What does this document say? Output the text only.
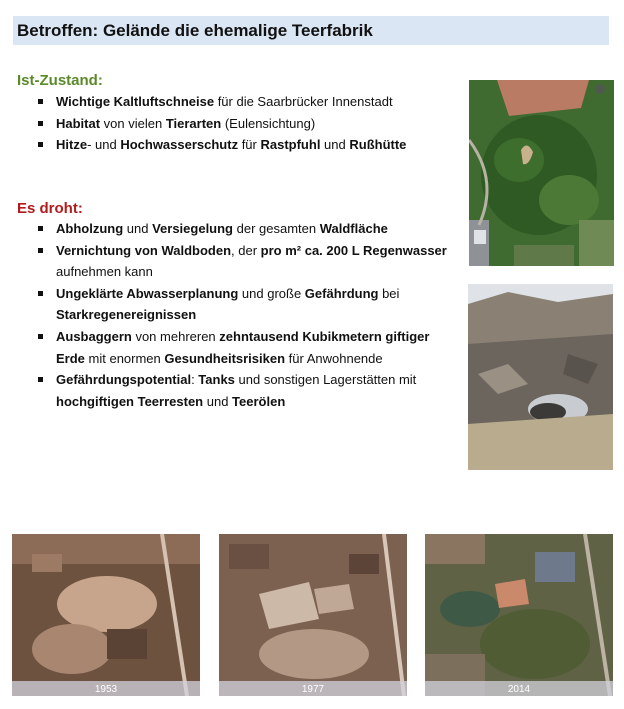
Betroffen: Gelände die ehemalige Teerfabrik
Ist-Zustand:
Wichtige Kaltluftschneise für die Saarbrücker Innenstadt
Habitat von vielen Tierarten (Eulensichtung)
Hitze- und Hochwasserschutz für Rastpfuhl und Rußhütte
Es droht:
Abholzung und Versiegelung der gesamten Waldfläche
Vernichtung von Waldboden, der pro m² ca. 200 L Regenwasser aufnehmen kann
Ungeklärte Abwasserplanung und große Gefährdung bei Starkregenereignissen
Ausbaggern von mehreren zehntausend Kubikmetern giftiger Erde mit enormen Gesundheitsrisiken für Anwohnende
Gefährdungspotential: Tanks und sonstigen Lagerstätten mit hochgiftigen Teerresten und Teerölen
1953	1977	2014
